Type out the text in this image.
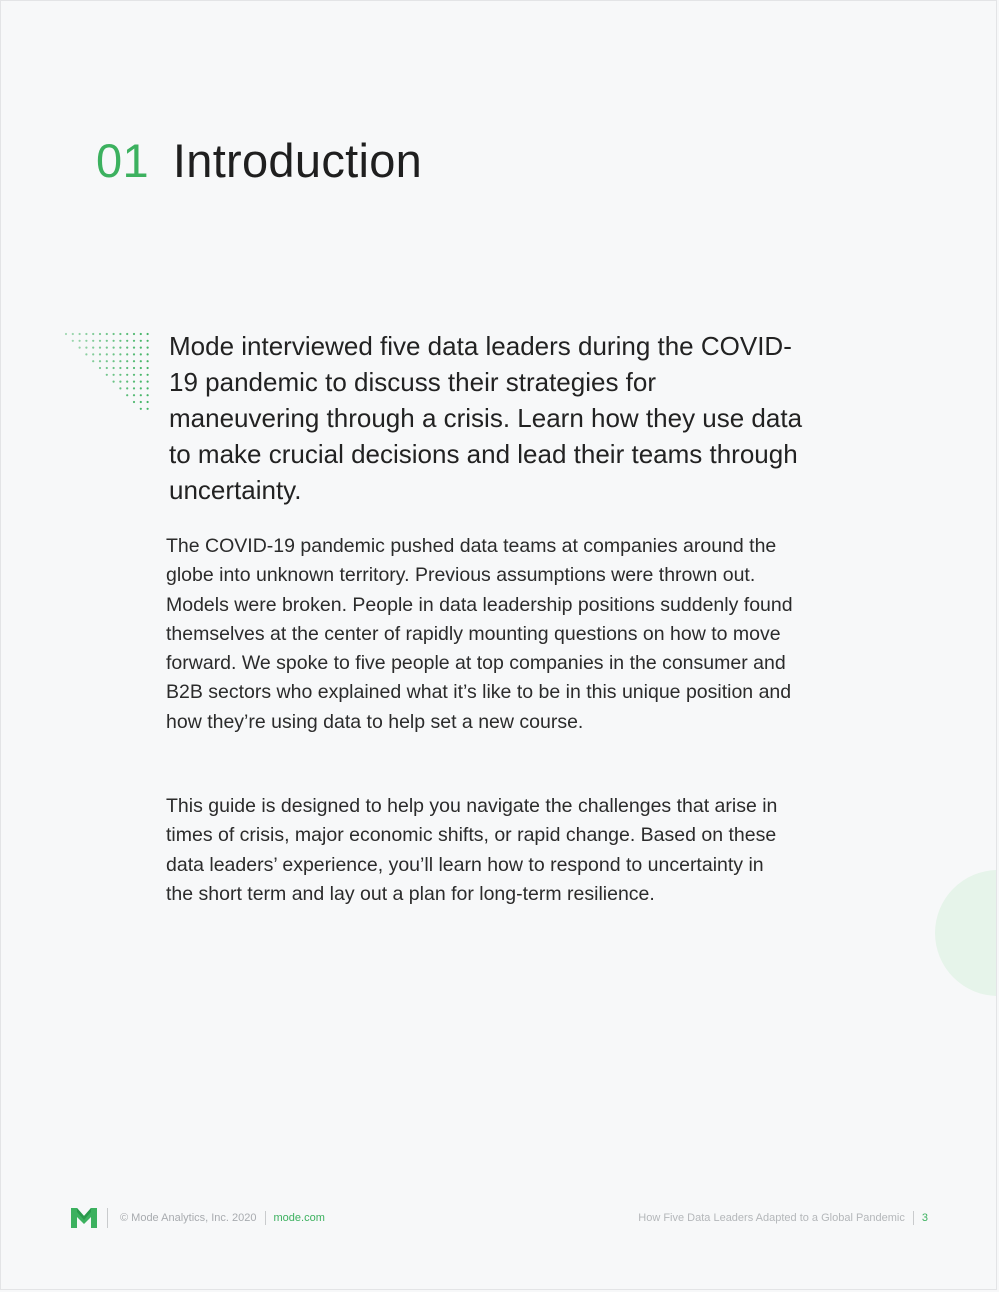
01 Introduction

Mode interviewed five data leaders during the COVID-19 pandemic to discuss their strategies for maneuvering through a crisis. Learn how they use data to make crucial decisions and lead their teams through uncertainty.

The COVID-19 pandemic pushed data teams at companies around the globe into unknown territory. Previous assumptions were thrown out. Models were broken. People in data leadership positions suddenly found themselves at the center of rapidly mounting questions on how to move forward. We spoke to five people at top companies in the consumer and B2B sectors who explained what it’s like to be in this unique position and how they’re using data to help set a new course.

This guide is designed to help you navigate the challenges that arise in times of crisis, major economic shifts, or rapid change. Based on these data leaders’ experience, you’ll learn how to respond to uncertainty in the short term and lay out a plan for long-term resilience.

© Mode Analytics, Inc. 2020 mode.com	How Five Data Leaders Adapted to a Global Pandemic 3
